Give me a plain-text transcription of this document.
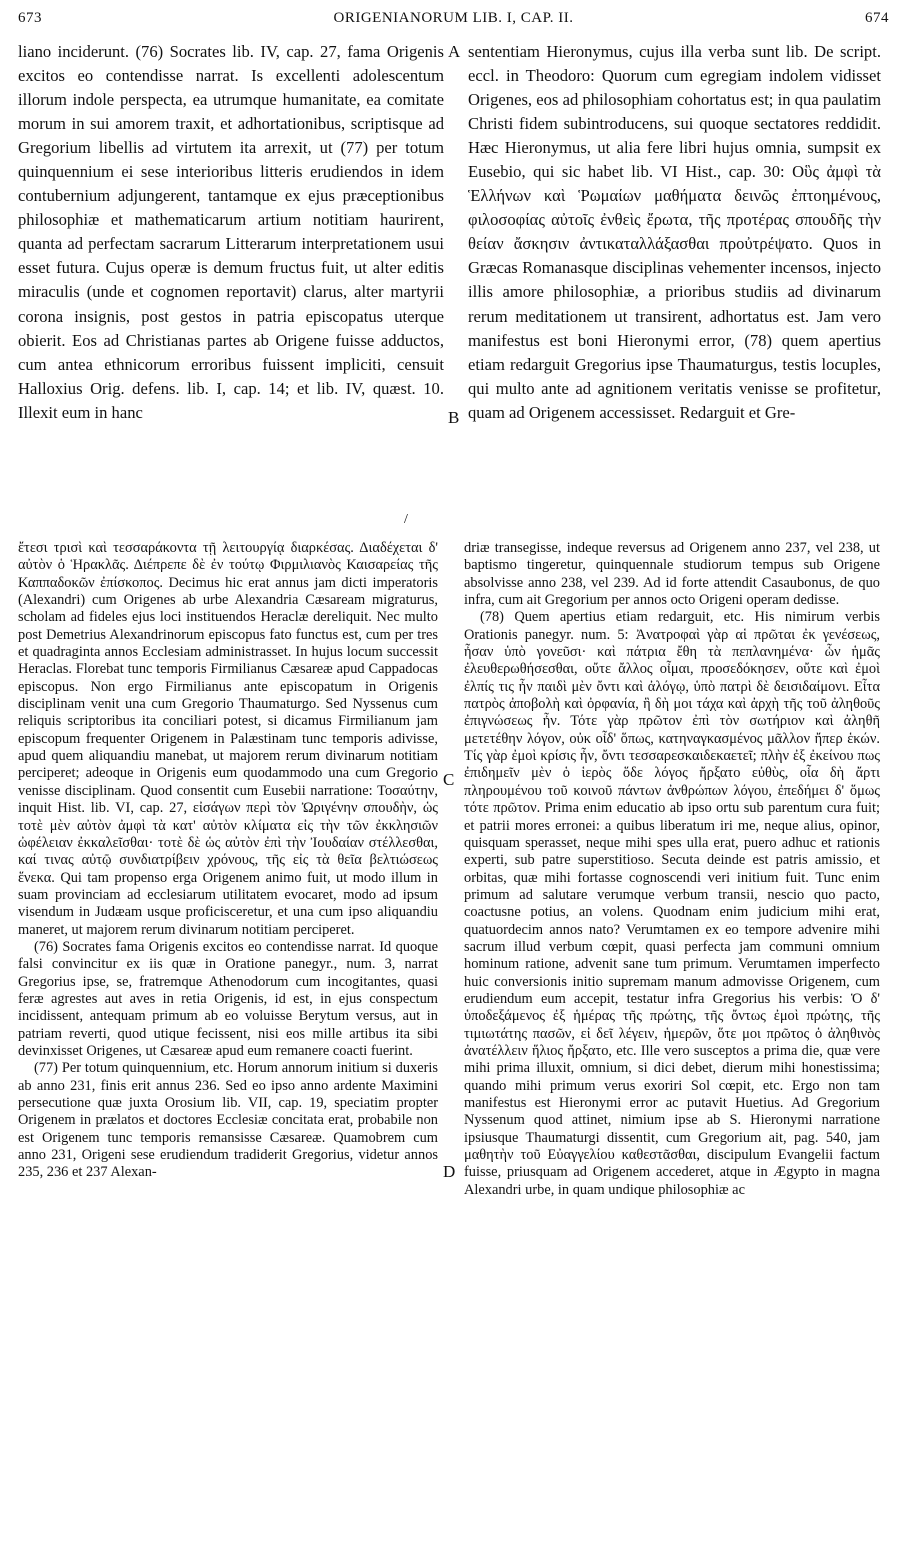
673	ORIGENIANORUM LIB. I, CAP. II.	674

liano inciderunt. (76) Socrates lib. IV, cap. 27, fama Origenis excitos eo contendisse narrat. Is excellenti adolescentum illorum indole perspecta, ea utrumque humanitate, ea comitate morum in sui amorem traxit, et adhortationibus, scriptisque ad Gregorium libellis ad virtutem ita arrexit, ut (77) per totum quinquennium ei sese interioribus litteris erudiendos in idem contubernium adjungerent, tantamque ex ejus præceptionibus philosophiæ et mathematicarum artium notitiam haurirent, quanta ad perfectam sacrarum Litterarum interpretationem usui esset futura. Cujus operæ is demum fructus fuit, ut alter editis miraculis (unde et cognomen reportavit) clarus, alter martyrii corona insignis, post gestos in patria episcopatus uterque obierit. Eos ad Christianas partes ab Origene fuisse adductos, cum antea ethnicorum erroribus fuissent impliciti, censuit Halloxius Orig. defens. lib. I, cap. 14; et lib. IV, quæst. 10. Illexit eum in hanc

sententiam Hieronymus, cujus illa verba sunt lib. De script. eccl. in Theodoro: Quorum cum egregiam indolem vidisset Origenes, eos ad philosophiam cohortatus est; in qua paulatim Christi fidem subintroducens, sui quoque sectatores reddidit. Hæc Hieronymus, ut alia fere libri hujus omnia, sumpsit ex Eusebio, qui sic habet lib. VI Hist., cap. 30: Οὓς ἀμφὶ τὰ Ἑλλήνων καὶ Ῥωμαίων μαθήματα δεινῶς ἐπτοημένους, φιλοσοφίας αὐτοῖς ἐνθεὶς ἔρωτα, τῆς προτέρας σπουδῆς τὴν θείαν ἄσκησιν ἀντικαταλλάξασθαι προὐτρέψατο. Quos in Græcas Romanasque disciplinas vehementer incensos, injecto illis amore philosophiæ, a prioribus studiis ad divinarum rerum meditationem ut transirent, adhortatus est. Jam vero manifestus est boni Hieronymi error, (78) quem apertius etiam redarguit Gregorius ipse Thaumaturgus, testis locuples, qui multo ante ad agnitionem veritatis venisse se profitetur, quam ad Origenem accessisset. Redarguit et Gre-

A
B
C
D
/

ἔτεσι τρισὶ καὶ τεσσαράκοντα τῇ λειτουργίᾳ διαρκέσας. Διαδέχεται δ' αὐτὸν ὁ Ἡρακλᾶς. Διέπρεπε δὲ ἐν τούτῳ Φιρμιλιανὸς Καισαρείας τῆς Καππαδοκῶν ἐπίσκοπος. Decimus hic erat annus jam dicti imperatoris (Alexandri) cum Origenes ab urbe Alexandria Cæsaream migraturus, scholam ad fideles ejus loci instituendos Heraclæ dereliquit. Nec multo post Demetrius Alexandrinorum episcopus fato functus est, cum per tres et quadraginta annos Ecclesiam administrasset. In hujus locum successit Heraclas. Florebat tunc temporis Firmilianus Cæsareæ apud Cappadocas episcopus. Non ergo Firmilianus ante episcopatum in Origenis disciplinam venit una cum Gregorio Thaumaturgo. Sed Nyssenus cum reliquis scriptoribus ita conciliari potest, si dicamus Firmilianum jam episcopum frequenter Origenem in Palæstinam tunc temporis adivisse, apud quem aliquandiu manebat, ut majorem rerum divinarum notitiam perciperet; adeoque in Origenis eum quodammodo una cum Gregorio venisse disciplinam. Quod consentit cum Eusebii narratione: Τοσαύτην, inquit Hist. lib. VI, cap. 27, εἰσάγων περὶ τὸν Ὠριγένην σπουδὴν, ὡς τοτὲ μὲν αὐτὸν ἀμφὶ τὰ κατ' αὐτὸν κλίματα εἰς τὴν τῶν ἐκκλησιῶν ὠφέλειαν ἐκκαλεῖσθαι· τοτὲ δὲ ὡς αὐτὸν ἐπὶ τὴν Ἰουδαίαν στέλλεσθαι, καί τινας αὐτῷ συνδιατρίβειν χρόνους, τῆς εἰς τὰ θεῖα βελτιώσεως ἕνεκα. Qui tam propenso erga Origenem animo fuit, ut modo illum in suam provinciam ad ecclesiarum utilitatem evocaret, modo ad ipsum visendum in Judæam usque proficisceretur, et una cum ipso aliquandiu maneret, ut majorem rerum divinarum notitiam perciperet.

(76) Socrates fama Origenis excitos eo contendisse narrat. Id quoque falsi convincitur ex iis quæ in Oratione panegyr., num. 3, narrat Gregorius ipse, se, fratremque Athenodorum cum incogitantes, quasi feræ agrestes aut aves in retia Origenis, id est, in ejus conspectum incidissent, antequam primum ab eo voluisse Berytum versus, aut in patriam reverti, quod utique fecissent, nisi eos mille artibus ita sibi devinxisset Origenes, ut Cæsareæ apud eum remanere coacti fuerint.

(77) Per totum quinquennium, etc. Horum annorum initium si duxeris ab anno 231, finis erit annus 236. Sed eo ipso anno ardente Maximini persecutione quæ juxta Orosium lib. VII, cap. 19, speciatim propter Origenem in prælatos et doctores Ecclesiæ concitata erat, probabile non est Origenem tunc temporis remansisse Cæsareæ. Quamobrem cum anno 231, Origeni sese erudiendum tradiderit Gregorius, videtur annos 235, 236 et 237 Alexan-

driæ transegisse, indeque reversus ad Origenem anno 237, vel 238, ut baptismo tingeretur, quinquennale studiorum tempus sub Origene absolvisse anno 238, vel 239. Ad id forte attendit Casaubonus, de quo infra, cum ait Gregorium per annos octo Origeni operam dedisse.

(78) Quem apertius etiam redarguit, etc. His nimirum verbis Orationis panegyr. num. 5: Ἀνατροφαὶ γὰρ αἱ πρῶται ἐκ γενέσεως, ἦσαν ὑπὸ γονεῦσι· καὶ πάτρια ἔθη τὰ πεπλανημένα· ὧν ἡμᾶς ἐλευθερωθήσεσθαι, οὔτε ἄλλος οἶμαι, προσεδόκησεν, οὔτε καὶ ἐμοὶ ἐλπίς τις ἦν παιδὶ μὲν ὄντι καὶ ἀλόγῳ, ὑπὸ πατρὶ δὲ δεισιδαίμονι. Εἶτα πατρὸς ἀποβολὴ καὶ ὀρφανία, ἣ δὴ μοι τάχα καὶ ἀρχὴ τῆς τοῦ ἀληθοῦς ἐπιγνώσεως ἦν. Τότε γὰρ πρῶτον ἐπὶ τὸν σωτήριον καὶ ἀληθῆ μετετέθην λόγον, οὐκ οἶδ' ὅπως, κατηναγκασμένος μᾶλλον ἤπερ ἑκών. Τίς γὰρ ἐμοὶ κρίσις ἦν, ὄντι τεσσαρεσκαιδεκαετεῖ; πλὴν ἐξ ἐκείνου πως ἐπιδημεῖν μὲν ὁ ἱερὸς ὅδε λόγος ἤρξατο εὐθὺς, οἷα δὴ ἄρτι πληρουμένου τοῦ κοινοῦ πάντων ἀνθρώπων λόγου, ἐπεδήμει δ' ὅμως τότε πρῶτον. Prima enim educatio ab ipso ortu sub parentum cura fuit; et patrii mores erronei: a quibus liberatum iri me, neque alius, opinor, quisquam sperasset, neque mihi spes ulla erat, puero adhuc et rationis experti, sub patre superstitioso. Secuta deinde est patris amissio, et orbitas, quæ mihi fortasse cognoscendi veri initium fuit. Tunc enim primum ad salutare verumque verbum transii, nescio quo pacto, coactusne potius, an volens. Quodnam enim judicium mihi erat, quatuordecim annos nato? Verumtamen ex eo tempore advenire mihi sacrum illud verbum cœpit, quasi perfecta jam communi omnium hominum ratione, advenit sane tum primum. Verumtamen imperfecto huic conversionis initio supremam manum admovisse Origenem, cum erudiendum eum accepit, testatur infra Gregorius his verbis: Ὁ δ' ὑποδεξάμενος ἐξ ἡμέρας τῆς πρώτης, τῆς ὄντως ἐμοὶ πρώτης, τῆς τιμιωτάτης πασῶν, εἰ δεῖ λέγειν, ἡμερῶν, ὅτε μοι πρῶτος ὁ ἀληθινὸς ἀνατέλλειν ἥλιος ἤρξατο, etc. Ille vero susceptos a prima die, quæ vere mihi prima illuxit, omnium, si dici debet, dierum mihi honestissima; quando mihi primum verus exoriri Sol cœpit, etc. Ergo non tam manifestus est Hieronymi error ac putavit Huetius. Ad Gregorium Nyssenum quod attinet, nimium ipse ab S. Hieronymi narratione ipsiusque Thaumaturgi dissentit, cum Gregorium ait, pag. 540, jam μαθητὴν τοῦ Εὐαγγελίου καθεστᾶσθαι, discipulum Evangelii factum fuisse, priusquam ad Origenem accederet, atque in Ægypto in magna Alexandri urbe, in quam undique philosophiæ ac
